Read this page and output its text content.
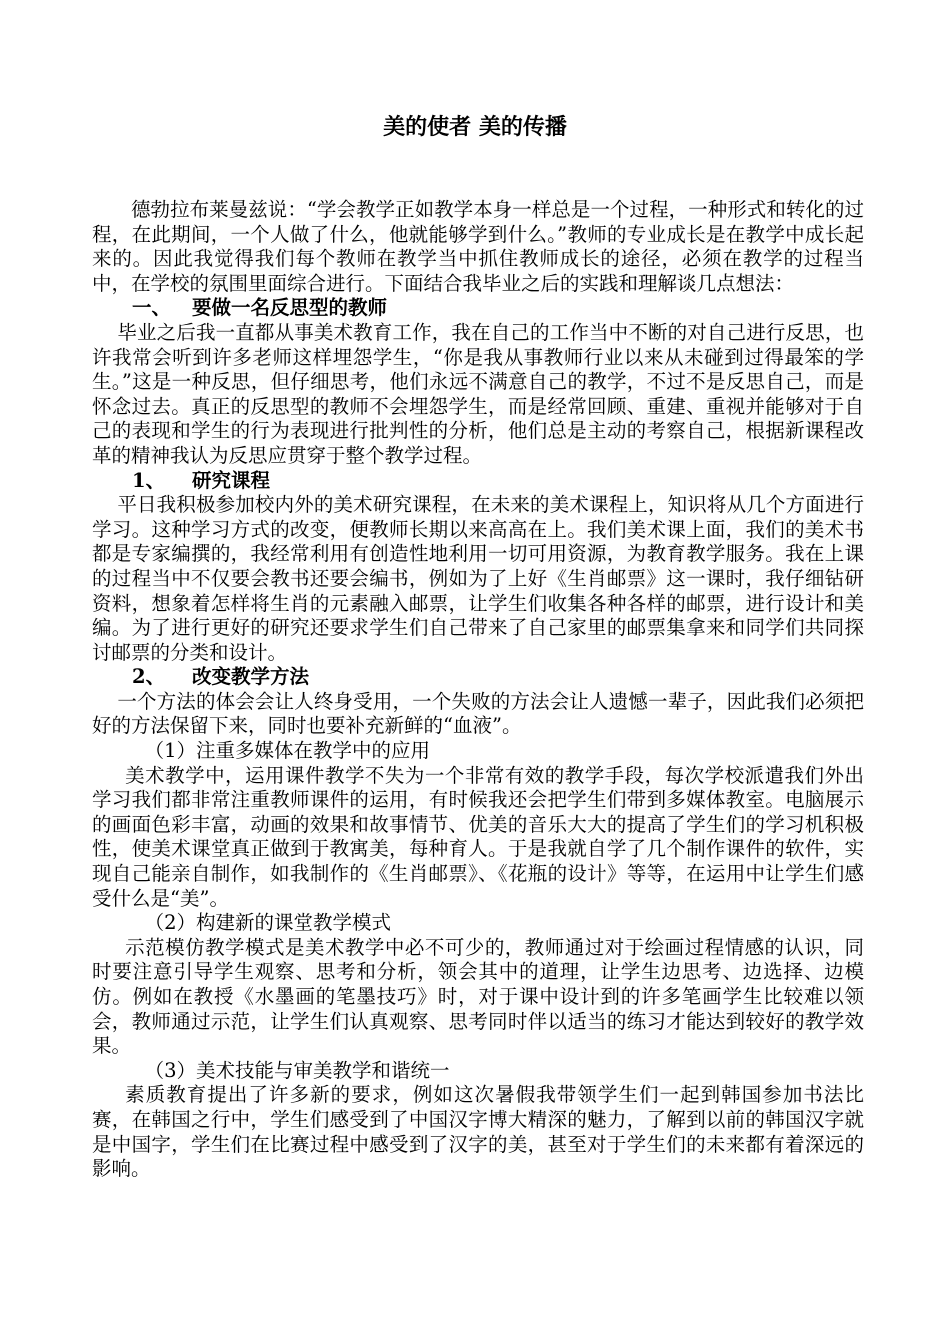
美的使者 美的传播

德勃拉布莱曼兹说：“学会教学正如教学本身一样总是一个过程，一种形式和转化的过程，在此期间，一个人做了什么，他就能够学到什么。”教师的专业成长是在教学中成长起来的。因此我觉得我们每个教师在教学当中抓住教师成长的途径，必须在教学的过程当中，在学校的氛围里面综合进行。下面结合我毕业之后的实践和理解谈几点想法：

一、 要做一名反思型的教师

毕业之后我一直都从事美术教育工作，我在自己的工作当中不断的对自己进行反思，也许我常会听到许多老师这样埋怨学生，“你是我从事教师行业以来从未碰到过得最笨的学生。”这是一种反思，但仔细思考，他们永远不满意自己的教学，不过不是反思自己，而是怀念过去。真正的反思型的教师不会埋怨学生，而是经常回顾、重建、重视并能够对于自己的表现和学生的行为表现进行批判性的分析，他们总是主动的考察自己，根据新课程改革的精神我认为反思应贯穿于整个教学过程。

1、 研究课程

平日我积极参加校内外的美术研究课程，在未来的美术课程上，知识将从几个方面进行学习。这种学习方式的改变，便教师长期以来高高在上。我们美术课上面，我们的美术书都是专家编撰的，我经常利用有创造性地利用一切可用资源，为教育教学服务。我在上课的过程当中不仅要会教书还要会编书，例如为了上好《生肖邮票》这一课时，我仔细钻研资料，想象着怎样将生肖的元素融入邮票，让学生们收集各种各样的邮票，进行设计和美编。为了进行更好的研究还要求学生们自己带来了自己家里的邮票集拿来和同学们共同探讨邮票的分类和设计。

2、 改变教学方法

一个方法的体会会让人终身受用，一个失败的方法会让人遗憾一辈子，因此我们必须把好的方法保留下来，同时也要补充新鲜的“血液”。

（1）注重多媒体在教学中的应用

美术教学中，运用课件教学不失为一个非常有效的教学手段，每次学校派遣我们外出学习我们都非常注重教师课件的运用，有时候我还会把学生们带到多媒体教室。电脑展示的画面色彩丰富，动画的效果和故事情节、优美的音乐大大的提高了学生们的学习机积极性，使美术课堂真正做到于教寓美，每种育人。于是我就自学了几个制作课件的软件，实现自己能亲自制作，如我制作的《生肖邮票》、《花瓶的设计》等等，在运用中让学生们感受什么是“美”。

（2）构建新的课堂教学模式

示范模仿教学模式是美术教学中必不可少的，教师通过对于绘画过程情感的认识，同时要注意引导学生观察、思考和分析，领会其中的道理，让学生边思考、边选择、边模仿。例如在教授《水墨画的笔墨技巧》时，对于课中设计到的许多笔画学生比较难以领会，教师通过示范，让学生们认真观察、思考同时伴以适当的练习才能达到较好的教学效果。

（3）美术技能与审美教学和谐统一

素质教育提出了许多新的要求，例如这次暑假我带领学生们一起到韩国参加书法比赛，在韩国之行中，学生们感受到了中国汉字博大精深的魅力，了解到以前的韩国汉字就是中国字，学生们在比赛过程中感受到了汉字的美，甚至对于学生们的未来都有着深远的影响。
